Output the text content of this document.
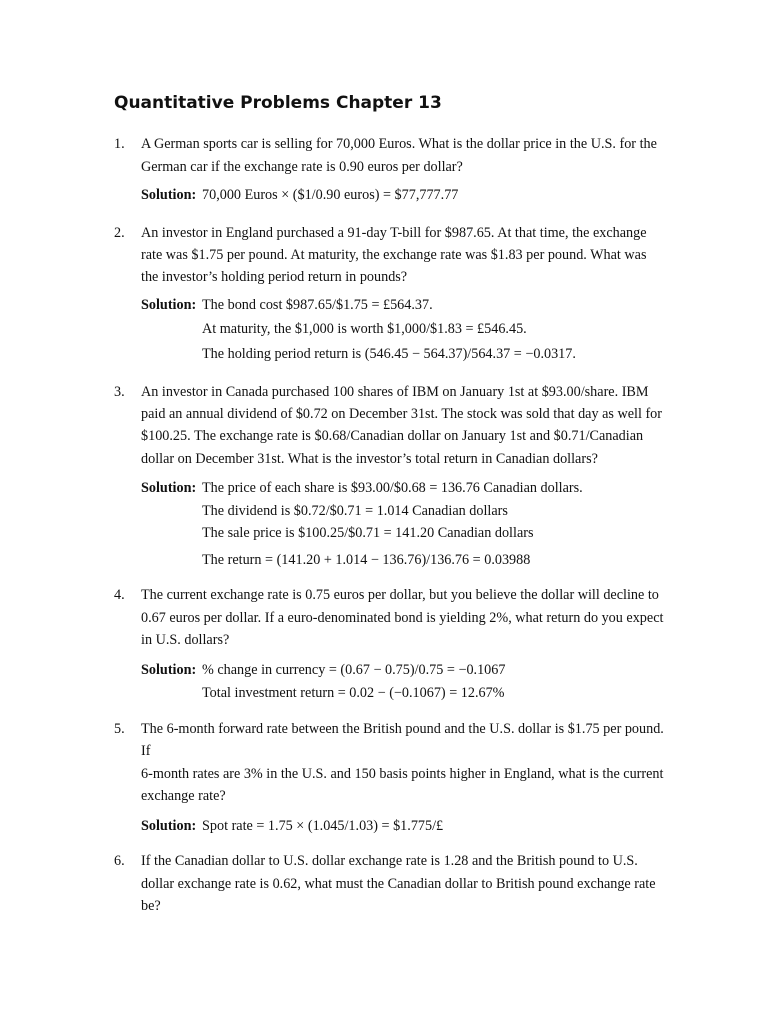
Quantitative Problems Chapter 13
1. A German sports car is selling for 70,000 Euros. What is the dollar price in the U.S. for the
German car if the exchange rate is 0.90 euros per dollar?
Solution: 70,000 Euros × ($1/0.90 euros) = $77,777.77
2. An investor in England purchased a 91-day T-bill for $987.65. At that time, the exchange
rate was $1.75 per pound. At maturity, the exchange rate was $1.83 per pound. What was
the investor’s holding period return in pounds?
Solution: The bond cost $987.65/$1.75 = £564.37.
At maturity, the $1,000 is worth $1,000/$1.83 = £546.45.
The holding period return is (546.45 − 564.37)/564.37 = −0.0317.
3. An investor in Canada purchased 100 shares of IBM on January 1st at $93.00/share. IBM
paid an annual dividend of $0.72 on December 31st. The stock was sold that day as well for
$100.25. The exchange rate is $0.68/Canadian dollar on January 1st and $0.71/Canadian
dollar on December 31st. What is the investor’s total return in Canadian dollars?
Solution: The price of each share is $93.00/$0.68 = 136.76 Canadian dollars.
The dividend is $0.72/$0.71 = 1.014 Canadian dollars
The sale price is $100.25/$0.71 = 141.20 Canadian dollars
The return = (141.20 + 1.014 − 136.76)/136.76 = 0.03988
4. The current exchange rate is 0.75 euros per dollar, but you believe the dollar will decline to
0.67 euros per dollar. If a euro-denominated bond is yielding 2%, what return do you expect
in U.S. dollars?
Solution: % change in currency = (0.67 − 0.75)/0.75 = −0.1067
Total investment return = 0.02 − (−0.1067) = 12.67%
5. The 6-month forward rate between the British pound and the U.S. dollar is $1.75 per pound.
If
6-month rates are 3% in the U.S. and 150 basis points higher in England, what is the current
exchange rate?
Solution: Spot rate = 1.75 × (1.045/1.03) = $1.775/£
6. If the Canadian dollar to U.S. dollar exchange rate is 1.28 and the British pound to U.S.
dollar exchange rate is 0.62, what must the Canadian dollar to British pound exchange rate
be?
